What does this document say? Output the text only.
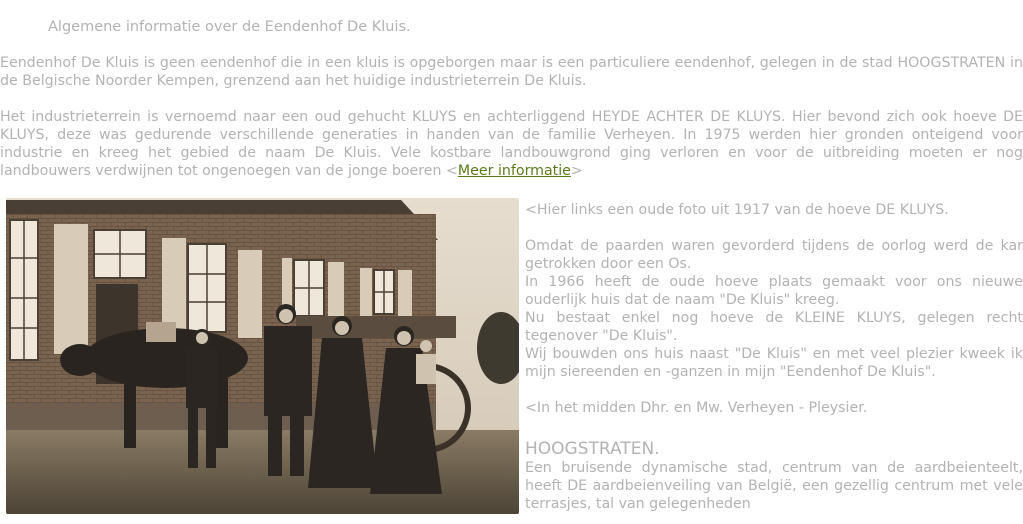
Algemene informatie over de Eendenhof De Kluis.

Eendenhof De Kluis is geen eendenhof die in een kluis is opgeborgen maar is een particuliere eendenhof, gelegen in de stad HOOGSTRATEN in de Belgische Noorder Kempen, grenzend aan het huidige industrieterrein De Kluis.

Het industrieterrein is vernoemd naar een oud gehucht KLUYS en achterliggend HEYDE ACHTER DE KLUYS. Hier bevond zich ook hoeve DE KLUYS, deze was gedurende verschillende generaties in handen van de familie Verheyen. In 1975 werden hier gronden onteigend voor industrie en kreeg het gebied de naam De Kluis. Vele kostbare landbouwgrond ging verloren en voor de uitbreiding moeten er nog landbouwers verdwijnen tot ongenoegen van de jonge boeren <Meer informatie>

<Hier links een oude foto uit 1917 van de hoeve DE KLUYS.

Omdat de paarden waren gevorderd tijdens de oorlog werd de kar getrokken door een Os.

In 1966 heeft de oude hoeve plaats gemaakt voor ons nieuwe ouderlijk huis dat de naam "De Kluis" kreeg.

Nu bestaat enkel nog hoeve de KLEINE KLUYS, gelegen recht tegenover "De Kluis".

Wij bouwden ons huis naast "De Kluis" en met veel plezier kweek ik mijn siereenden en -ganzen in mijn "Eendenhof De Kluis".

<In het midden Dhr. en Mw. Verheyen - Pleysier.

HOOGSTRATEN.

Een bruisende dynamische stad, centrum van de aardbeienteelt, heeft DE aardbeienveiling van België, een gezellig centrum met vele terrasjes, tal van gelegenheden
